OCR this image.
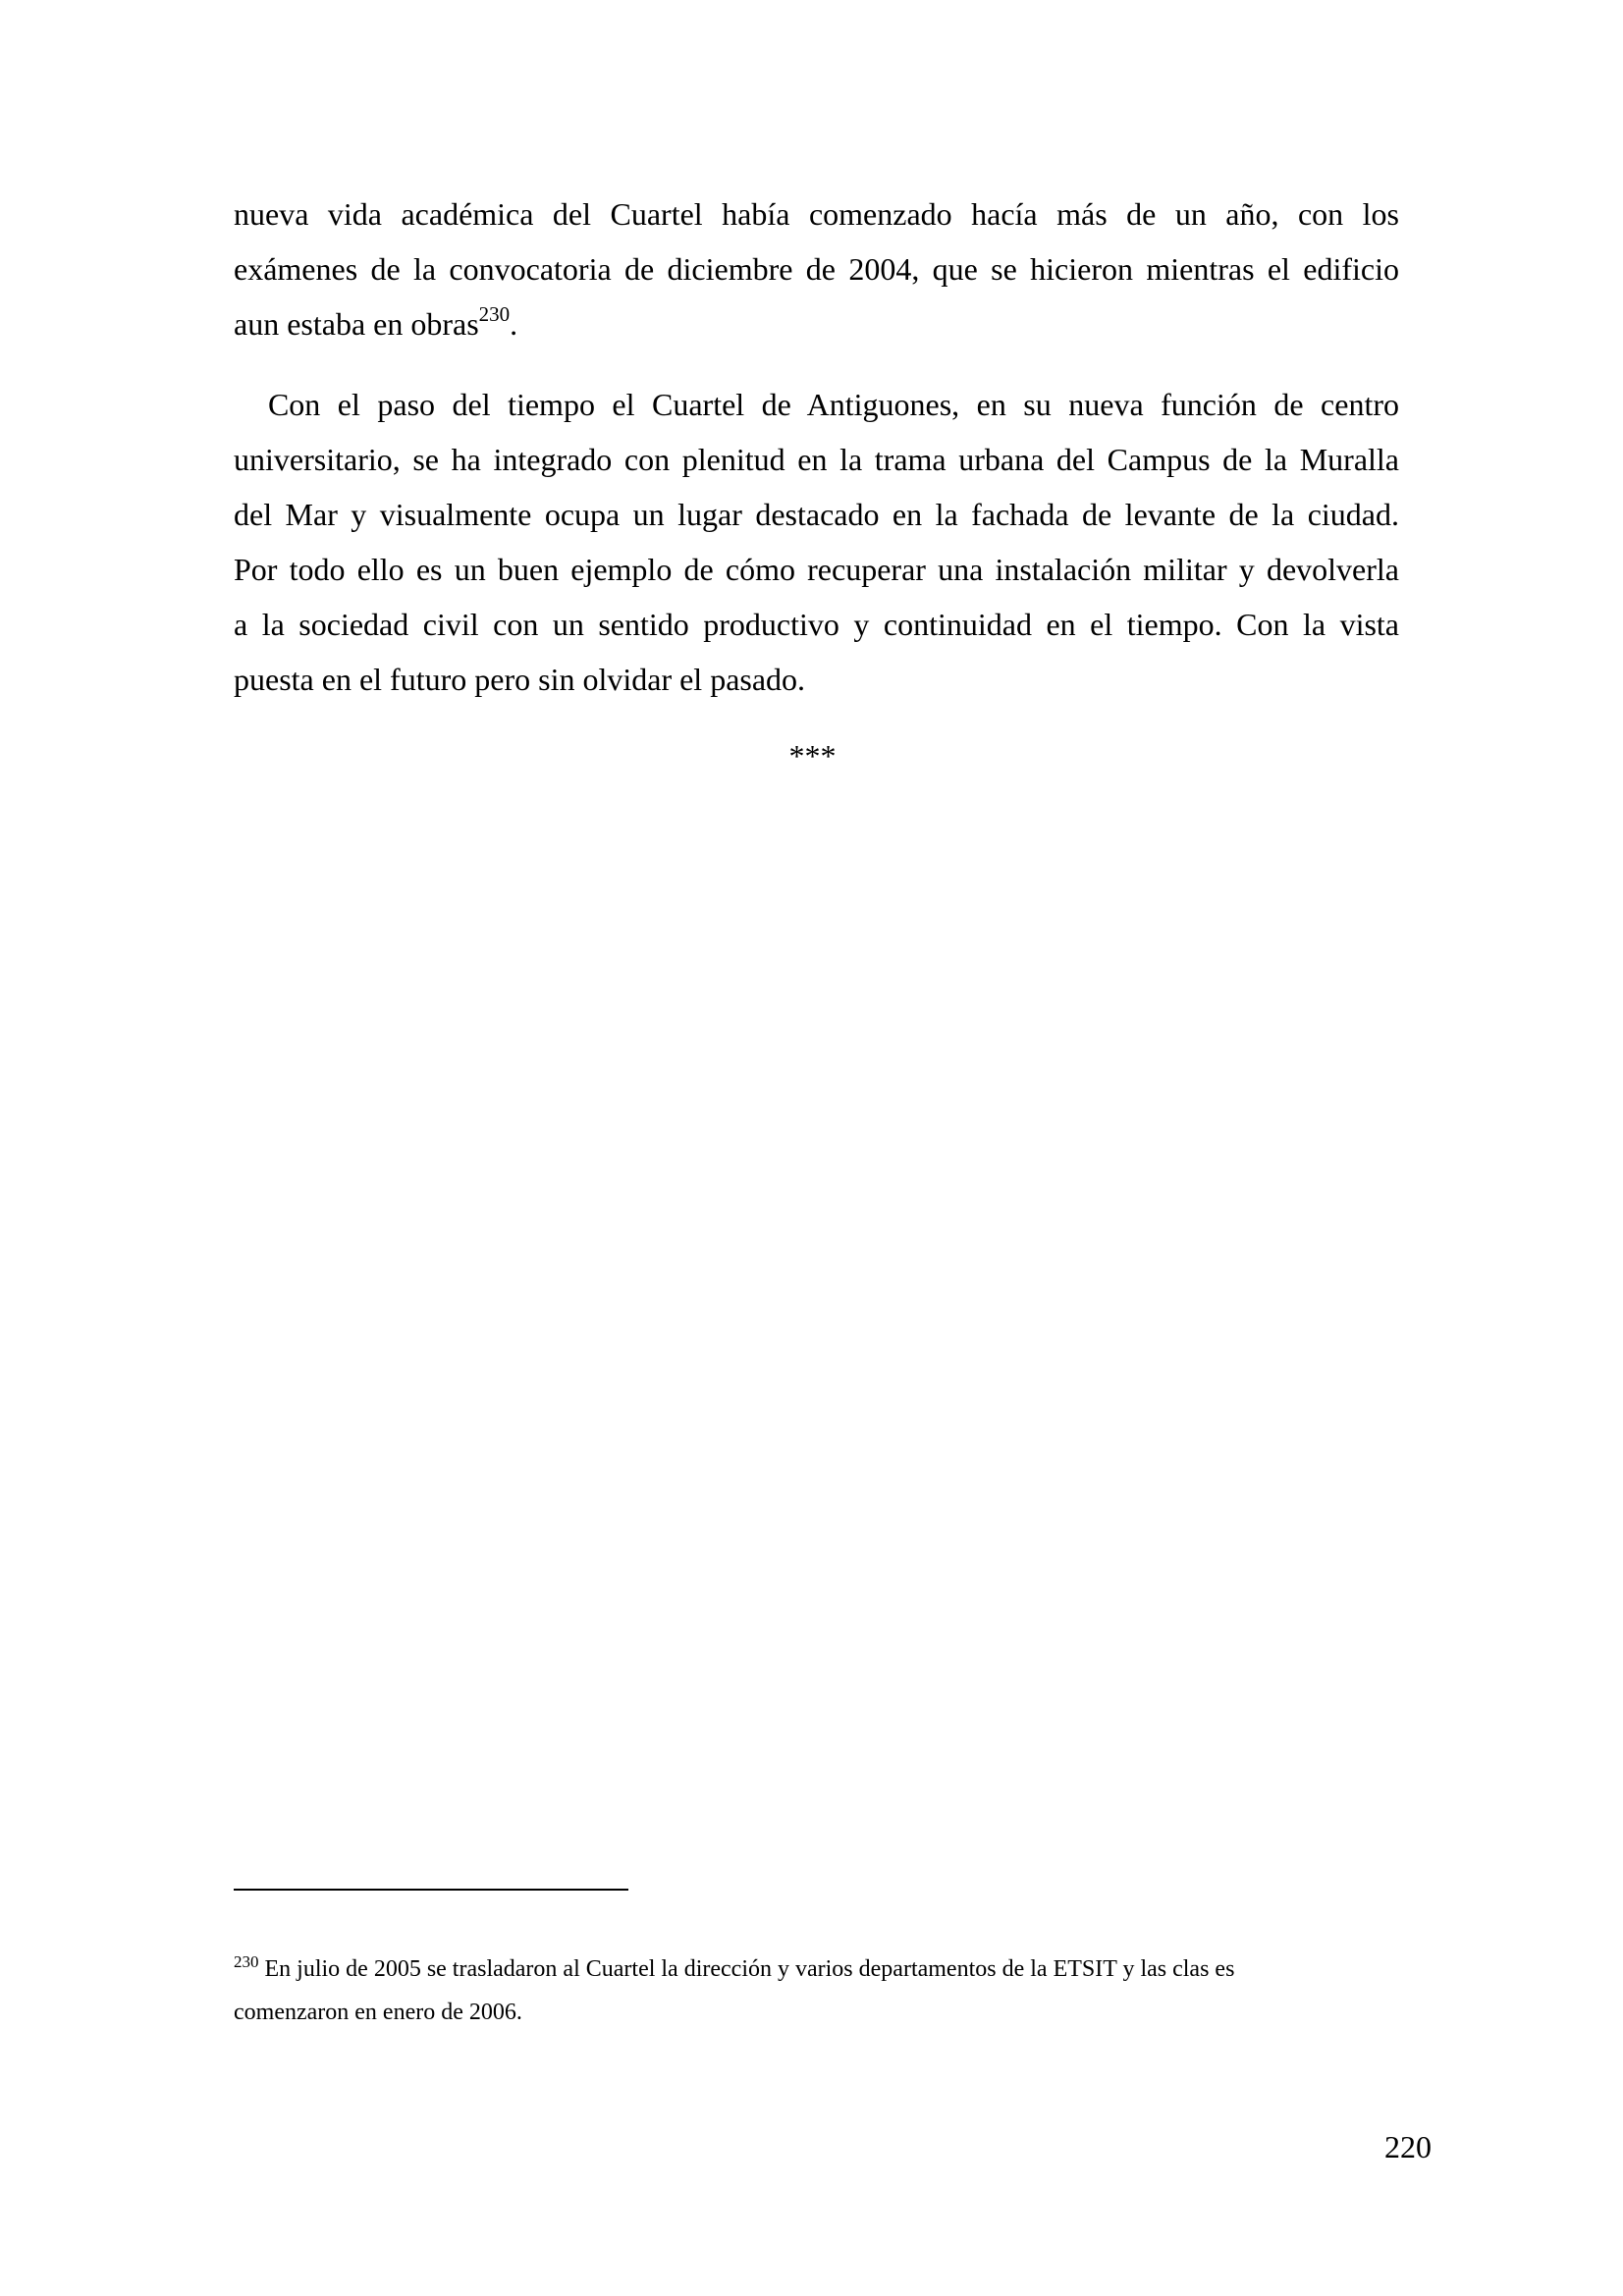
nueva vida académica del Cuartel había comenzado hacía más de un año, con los
exámenes de la convocatoria de diciembre de 2004, que se hicieron mientras el edificio
aun estaba en obras$^{230}$.
Con el paso del tiempo el Cuartel de Antiguones, en su nueva función de centro
universitario, se ha integrado con plenitud en la trama urbana del Campus de la Muralla
del Mar y visualmente ocupa un lugar destacado en la fachada de levante de la ciudad.
Por todo ello es un buen ejemplo de cómo recuperar una instalación militar y devolverla
a la sociedad civil con un sentido productivo y continuidad en el tiempo. Con la vista
puesta en el futuro pero sin olvidar el pasado.
***
$^{230}$ En julio de 2005 se trasladaron al Cuartel la dirección y varios departamentos de la ETSIT y las clas es
comenzaron en enero de 2006.
220
